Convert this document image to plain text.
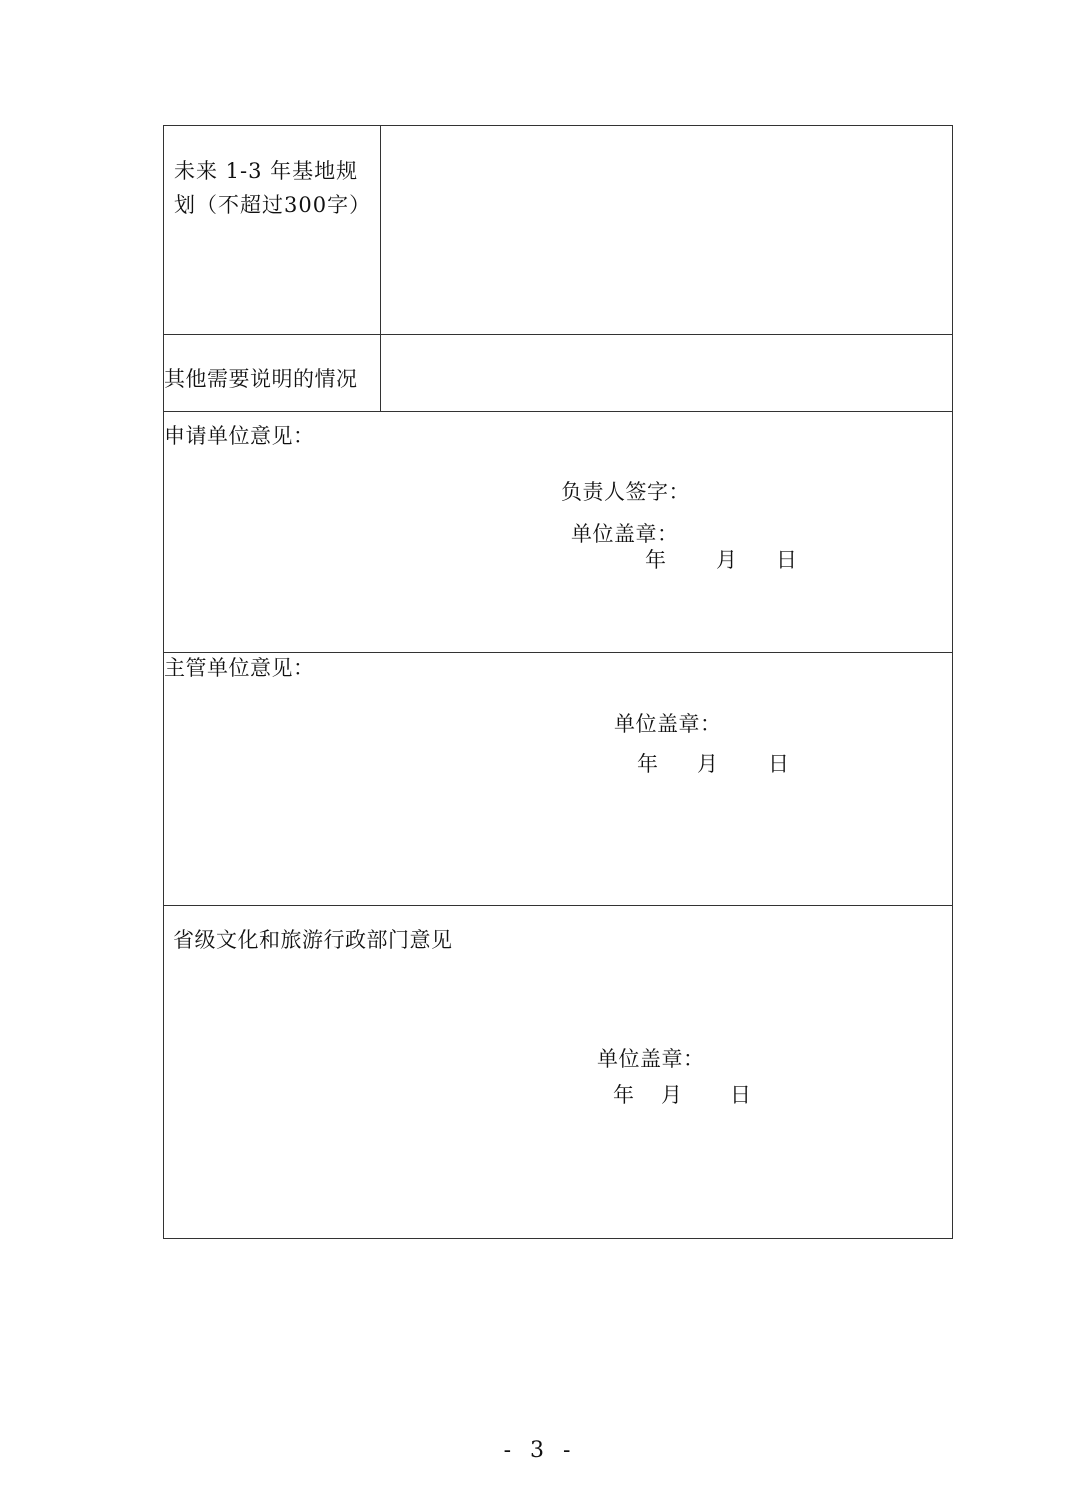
未来 1-3 年基地规
划（不超过300字）
其他需要说明的情况
申请单位意见：
负责人签字：
单位盖章：
年 月 日
主管单位意见：
单位盖章：
年 月 日
省级文化和旅游行政部门意见
单位盖章：
年 月 日
- 3 -
